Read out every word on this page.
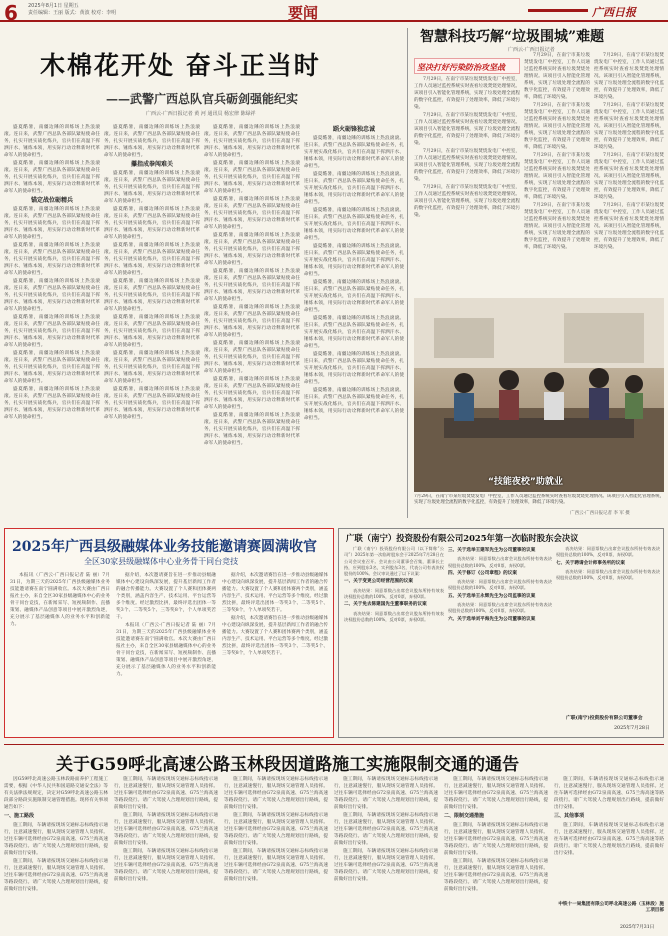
6 2025年8月1日 星期五
责任编辑：王丽 版式：黄波 校对：李明	要闻	广西日报
木棉花开处 奋斗正当时
——武警广西总队官兵砺剑强能纪实
广西云-广西日报记者 黄 河 通讯员 杨宏律 陈绿祥

盛夏酷暑，南疆边陲的训练场上热浪滚滚。连日来，武警广西总队各部队紧贴使命任务，扎实开展实战化练兵，官兵们在高温下挥洒汗水、锤炼本领，用实际行动诠释新时代革命军人的使命担当。

盛夏酷暑，南疆边陲的训练场上热浪滚滚。连日来，武警广西总队各部队紧贴使命任务，扎实开展实战化练兵，官兵们在高温下挥洒汗水、锤炼本领，用实际行动诠释新时代革命军人的使命担当。

锚定战位砺精兵

盛夏酷暑，南疆边陲的训练场上热浪滚滚。连日来，武警广西总队各部队紧贴使命任务，扎实开展实战化练兵，官兵们在高温下挥洒汗水、锤炼本领，用实际行动诠释新时代革命军人的使命担当。

盛夏酷暑，南疆边陲的训练场上热浪滚滚。连日来，武警广西总队各部队紧贴使命任务，扎实开展实战化练兵，官兵们在高温下挥洒汗水、锤炼本领，用实际行动诠释新时代革命军人的使命担当。

盛夏酷暑，南疆边陲的训练场上热浪滚滚。连日来，武警广西总队各部队紧贴使命任务，扎实开展实战化练兵，官兵们在高温下挥洒汗水、锤炼本领，用实际行动诠释新时代革命军人的使命担当。

盛夏酷暑，南疆边陲的训练场上热浪滚滚。连日来，武警广西总队各部队紧贴使命任务，扎实开展实战化练兵，官兵们在高温下挥洒汗水、锤炼本领，用实际行动诠释新时代革命军人的使命担当。

盛夏酷暑，南疆边陲的训练场上热浪滚滚。连日来，武警广西总队各部队紧贴使命任务，扎实开展实战化练兵，官兵们在高温下挥洒汗水、锤炼本领，用实际行动诠释新时代革命军人的使命担当。

盛夏酷暑，南疆边陲的训练场上热浪滚滚。连日来，武警广西总队各部队紧贴使命任务，扎实开展实战化练兵，官兵们在高温下挥洒汗水、锤炼本领，用实际行动诠释新时代革命军人的使命担当。

盛夏酷暑，南疆边陲的训练场上热浪滚滚。连日来，武警广西总队各部队紧贴使命任务，扎实开展实战化练兵，官兵们在高温下挥洒汗水、锤炼本领，用实际行动诠释新时代革命军人的使命担当。

攥指成拳闯难关

盛夏酷暑，南疆边陲的训练场上热浪滚滚。连日来，武警广西总队各部队紧贴使命任务，扎实开展实战化练兵，官兵们在高温下挥洒汗水、锤炼本领，用实际行动诠释新时代革命军人的使命担当。

盛夏酷暑，南疆边陲的训练场上热浪滚滚。连日来，武警广西总队各部队紧贴使命任务，扎实开展实战化练兵，官兵们在高温下挥洒汗水、锤炼本领，用实际行动诠释新时代革命军人的使命担当。

盛夏酷暑，南疆边陲的训练场上热浪滚滚。连日来，武警广西总队各部队紧贴使命任务，扎实开展实战化练兵，官兵们在高温下挥洒汗水、锤炼本领，用实际行动诠释新时代革命军人的使命担当。

盛夏酷暑，南疆边陲的训练场上热浪滚滚。连日来，武警广西总队各部队紧贴使命任务，扎实开展实战化练兵，官兵们在高温下挥洒汗水、锤炼本领，用实际行动诠释新时代革命军人的使命担当。

盛夏酷暑，南疆边陲的训练场上热浪滚滚。连日来，武警广西总队各部队紧贴使命任务，扎实开展实战化练兵，官兵们在高温下挥洒汗水、锤炼本领，用实际行动诠释新时代革命军人的使命担当。

盛夏酷暑，南疆边陲的训练场上热浪滚滚。连日来，武警广西总队各部队紧贴使命任务，扎实开展实战化练兵，官兵们在高温下挥洒汗水、锤炼本领，用实际行动诠释新时代革命军人的使命担当。

盛夏酷暑，南疆边陲的训练场上热浪滚滚。连日来，武警广西总队各部队紧贴使命任务，扎实开展实战化练兵，官兵们在高温下挥洒汗水、锤炼本领，用实际行动诠释新时代革命军人的使命担当。

盛夏酷暑，南疆边陲的训练场上热浪滚滚。连日来，武警广西总队各部队紧贴使命任务，扎实开展实战化练兵，官兵们在高温下挥洒汗水、锤炼本领，用实际行动诠释新时代革命军人的使命担当。

盛夏酷暑，南疆边陲的训练场上热浪滚滚。连日来，武警广西总队各部队紧贴使命任务，扎实开展实战化练兵，官兵们在高温下挥洒汗水、锤炼本领，用实际行动诠释新时代革命军人的使命担当。

盛夏酷暑，南疆边陲的训练场上热浪滚滚。连日来，武警广西总队各部队紧贴使命任务，扎实开展实战化练兵，官兵们在高温下挥洒汗水、锤炼本领，用实际行动诠释新时代革命军人的使命担当。

盛夏酷暑，南疆边陲的训练场上热浪滚滚。连日来，武警广西总队各部队紧贴使命任务，扎实开展实战化练兵，官兵们在高温下挥洒汗水、锤炼本领，用实际行动诠释新时代革命军人的使命担当。

盛夏酷暑，南疆边陲的训练场上热浪滚滚。连日来，武警广西总队各部队紧贴使命任务，扎实开展实战化练兵，官兵们在高温下挥洒汗水、锤炼本领，用实际行动诠释新时代革命军人的使命担当。

盛夏酷暑，南疆边陲的训练场上热浪滚滚。连日来，武警广西总队各部队紧贴使命任务，扎实开展实战化练兵，官兵们在高温下挥洒汗水、锤炼本领，用实际行动诠释新时代革命军人的使命担当。

盛夏酷暑，南疆边陲的训练场上热浪滚滚。连日来，武警广西总队各部队紧贴使命任务，扎实开展实战化练兵，官兵们在高温下挥洒汗水、锤炼本领，用实际行动诠释新时代革命军人的使命担当。

盛夏酷暑，南疆边陲的训练场上热浪滚滚。连日来，武警广西总队各部队紧贴使命任务，扎实开展实战化练兵，官兵们在高温下挥洒汗水、锤炼本领，用实际行动诠释新时代革命军人的使命担当。

盛夏酷暑，南疆边陲的训练场上热浪滚滚。连日来，武警广西总队各部队紧贴使命任务，扎实开展实战化练兵，官兵们在高温下挥洒汗水、锤炼本领，用实际行动诠释新时代革命军人的使命担当。

蹈火砺锋独忠诚

盛夏酷暑，南疆边陲的训练场上热浪滚滚。连日来，武警广西总队各部队紧贴使命任务，扎实开展实战化练兵，官兵们在高温下挥洒汗水、锤炼本领，用实际行动诠释新时代革命军人的使命担当。

盛夏酷暑，南疆边陲的训练场上热浪滚滚。连日来，武警广西总队各部队紧贴使命任务，扎实开展实战化练兵，官兵们在高温下挥洒汗水、锤炼本领，用实际行动诠释新时代革命军人的使命担当。

盛夏酷暑，南疆边陲的训练场上热浪滚滚。连日来，武警广西总队各部队紧贴使命任务，扎实开展实战化练兵，官兵们在高温下挥洒汗水、锤炼本领，用实际行动诠释新时代革命军人的使命担当。

盛夏酷暑，南疆边陲的训练场上热浪滚滚。连日来，武警广西总队各部队紧贴使命任务，扎实开展实战化练兵，官兵们在高温下挥洒汗水、锤炼本领，用实际行动诠释新时代革命军人的使命担当。

盛夏酷暑，南疆边陲的训练场上热浪滚滚。连日来，武警广西总队各部队紧贴使命任务，扎实开展实战化练兵，官兵们在高温下挥洒汗水、锤炼本领，用实际行动诠释新时代革命军人的使命担当。

盛夏酷暑，南疆边陲的训练场上热浪滚滚。连日来，武警广西总队各部队紧贴使命任务，扎实开展实战化练兵，官兵们在高温下挥洒汗水、锤炼本领，用实际行动诠释新时代革命军人的使命担当。

盛夏酷暑，南疆边陲的训练场上热浪滚滚。连日来，武警广西总队各部队紧贴使命任务，扎实开展实战化练兵，官兵们在高温下挥洒汗水、锤炼本领，用实际行动诠释新时代革命军人的使命担当。

盛夏酷暑，南疆边陲的训练场上热浪滚滚。连日来，武警广西总队各部队紧贴使命任务，扎实开展实战化练兵，官兵们在高温下挥洒汗水、锤炼本领，用实际行动诠释新时代革命军人的使命担当。

智慧科技巧解“垃圾围城”难题
广西云-广西日报记者
坚决打好污染防治攻坚战

7月29日，在南宁市某垃圾焚烧发电厂中控室，工作人员通过监控系统实时查看垃圾焚烧处理情况。该项目引入智能化管理系统，实现了垃圾处理全流程的数字化监控，有效提升了处理效率，降低了环境污染。

7月29日，在南宁市某垃圾焚烧发电厂中控室，工作人员通过监控系统实时查看垃圾焚烧处理情况。该项目引入智能化管理系统，实现了垃圾处理全流程的数字化监控，有效提升了处理效率，降低了环境污染。

7月29日，在南宁市某垃圾焚烧发电厂中控室，工作人员通过监控系统实时查看垃圾焚烧处理情况。该项目引入智能化管理系统，实现了垃圾处理全流程的数字化监控，有效提升了处理效率，降低了环境污染。

7月29日，在南宁市某垃圾焚烧发电厂中控室，工作人员通过监控系统实时查看垃圾焚烧处理情况。该项目引入智能化管理系统，实现了垃圾处理全流程的数字化监控，有效提升了处理效率，降低了环境污染。

7月29日，在南宁市某垃圾焚烧发电厂中控室，工作人员通过监控系统实时查看垃圾焚烧处理情况。该项目引入智能化管理系统，实现了垃圾处理全流程的数字化监控，有效提升了处理效率，降低了环境污染。

7月29日，在南宁市某垃圾焚烧发电厂中控室，工作人员通过监控系统实时查看垃圾焚烧处理情况。该项目引入智能化管理系统，实现了垃圾处理全流程的数字化监控，有效提升了处理效率，降低了环境污染。

7月29日，在南宁市某垃圾焚烧发电厂中控室，工作人员通过监控系统实时查看垃圾焚烧处理情况。该项目引入智能化管理系统，实现了垃圾处理全流程的数字化监控，有效提升了处理效率，降低了环境污染。

7月29日，在南宁市某垃圾焚烧发电厂中控室，工作人员通过监控系统实时查看垃圾焚烧处理情况。该项目引入智能化管理系统，实现了垃圾处理全流程的数字化监控，有效提升了处理效率，降低了环境污染。

7月29日，在南宁市某垃圾焚烧发电厂中控室，工作人员通过监控系统实时查看垃圾焚烧处理情况。该项目引入智能化管理系统，实现了垃圾处理全流程的数字化监控，有效提升了处理效率，降低了环境污染。

7月29日，在南宁市某垃圾焚烧发电厂中控室，工作人员通过监控系统实时查看垃圾焚烧处理情况。该项目引入智能化管理系统，实现了垃圾处理全流程的数字化监控，有效提升了处理效率，降低了环境污染。

7月29日，在南宁市某垃圾焚烧发电厂中控室，工作人员通过监控系统实时查看垃圾焚烧处理情况。该项目引入智能化管理系统，实现了垃圾处理全流程的数字化监控，有效提升了处理效率，降低了环境污染。

7月29日，在南宁市某垃圾焚烧发电厂中控室，工作人员通过监控系统实时查看垃圾焚烧处理情况。该项目引入智能化管理系统，实现了垃圾处理全流程的数字化监控，有效提升了处理效率，降低了环境污染。

“技能夜校”助就业
7月29日，在南宁市某垃圾焚烧发电厂中控室，工作人员通过监控系统实时查看垃圾焚烧处理情况。该项目引入智能化管理系统，实现了垃圾处理全流程的数字化监控，有效提升了处理效率，降低了环境污染。
广西云-广西日报记者 李 军 摄
2025年广西县级融媒体业务技能邀请赛圆满收官
全区30家县级融媒体中心业务骨干同台竞技

本报讯（广西云-广西日报记者 陆 丽）7月31日，为期三天的2025年广西县级融媒体业务技能邀请赛在南宁圆满收官。本次大赛由广西日报社主办，来自全区30家县级融媒体中心的业务骨干同台竞技，在新闻采写、短视频制作、直播策划、融媒体产品创意等项目中展开激烈角逐，充分展示了基层融媒体人的业务水平和创新能力。

据介绍，本次邀请赛旨在进一步推动县级融媒体中心建设向纵深发展，提升基层新闻工作者的融合传播能力。大赛设置了个人赛和团体赛两个类别，涵盖内容生产、技术运用、平台运营等多个维度。经过激烈比拼，最终评选出团体一等奖3个、二等奖5个、三等奖8个，个人单项奖若干。

本报讯（广西云-广西日报记者 陆 丽）7月31日，为期三天的2025年广西县级融媒体业务技能邀请赛在南宁圆满收官。本次大赛由广西日报社主办，来自全区30家县级融媒体中心的业务骨干同台竞技，在新闻采写、短视频制作、直播策划、融媒体产品创意等项目中展开激烈角逐，充分展示了基层融媒体人的业务水平和创新能力。

据介绍，本次邀请赛旨在进一步推动县级融媒体中心建设向纵深发展，提升基层新闻工作者的融合传播能力。大赛设置了个人赛和团体赛两个类别，涵盖内容生产、技术运用、平台运营等多个维度。经过激烈比拼，最终评选出团体一等奖3个、二等奖5个、三等奖8个，个人单项奖若干。

据介绍，本次邀请赛旨在进一步推动县级融媒体中心建设向纵深发展，提升基层新闻工作者的融合传播能力。大赛设置了个人赛和团体赛两个类别，涵盖内容生产、技术运用、平台运营等多个维度。经过激烈比拼，最终评选出团体一等奖3个、二等奖5个、三等奖8个，个人单项奖若干。

广联（南宁）投资股份有限公司2025年第一次临时股东会决议

广联（南宁）投资股份有限公司（以下简称“公司”）2025年第一次临时股东会于2025年7月28日在公司会议室召开。会议由公司董事会召集，董事长主持，应到股东3名，实到股东3名，代表公司有表决权股份的100%。会议审议通过了以下议案：

一、关于变更公司经营范围的议案

表决结果：同意票数占出席会议股东所持有效表决权股份总数的100%，反对0票，弃权0票。

二、关于免去陈建国先生董事职务的议案

表决结果：同意票数占出席会议股东所持有效表决权股份总数的100%，反对0票，弃权0票。

三、关于选举王建军先生为公司董事的议案

表决结果：同意票数占出席会议股东所持有效表决权股份总数的100%，反对0票，弃权0票。

四、关于修订《公司章程》的议案

表决结果：同意票数占出席会议股东所持有效表决权股份总数的100%，反对0票，弃权0票。

五、关于选举王永辉先生为公司监事的议案

表决结果：同意票数占出席会议股东所持有效表决权股份总数的100%，反对0票，弃权0票。

六、关于选举刘平海先生为公司董事的议案

表决结果：同意票数占出席会议股东所持有效表决权股份总数的100%，反对0票，弃权0票。

七、关于聘请会计师事务所的议案

表决结果：同意票数占出席会议股东所持有效表决权股份总数的100%，反对0票，弃权0票。

广联(南宁)投资股份有限公司董事会
2025年7月28日
关于G59呼北高速公路玉林段因道路施工实施限制交通的通告

因G59呼北高速公路玉林段路面养护工程施工需要，根据《中华人民共和国道路交通安全法》等有关法律法规规定，决定对G59呼北高速公路玉林段部分路段实施限制交通管理措施。现将有关事项通告如下：

一、施工路段

施工期间，车辆请按现场交通标志标线指示通行，注意减速慢行，服从现场交通管理人员指挥。过往车辆可选择经由G72泉南高速、G75兰海高速等路段绕行。请广大驾驶人合理规划出行路线，提前做好出行安排。

施工期间，车辆请按现场交通标志标线指示通行，注意减速慢行，服从现场交通管理人员指挥。过往车辆可选择经由G72泉南高速、G75兰海高速等路段绕行。请广大驾驶人合理规划出行路线，提前做好出行安排。

施工期间，车辆请按现场交通标志标线指示通行，注意减速慢行，服从现场交通管理人员指挥。过往车辆可选择经由G72泉南高速、G75兰海高速等路段绕行。请广大驾驶人合理规划出行路线，提前做好出行安排。

施工期间，车辆请按现场交通标志标线指示通行，注意减速慢行，服从现场交通管理人员指挥。过往车辆可选择经由G72泉南高速、G75兰海高速等路段绕行。请广大驾驶人合理规划出行路线，提前做好出行安排。

施工期间，车辆请按现场交通标志标线指示通行，注意减速慢行，服从现场交通管理人员指挥。过往车辆可选择经由G72泉南高速、G75兰海高速等路段绕行。请广大驾驶人合理规划出行路线，提前做好出行安排。

施工期间，车辆请按现场交通标志标线指示通行，注意减速慢行，服从现场交通管理人员指挥。过往车辆可选择经由G72泉南高速、G75兰海高速等路段绕行。请广大驾驶人合理规划出行路线，提前做好出行安排。

施工期间，车辆请按现场交通标志标线指示通行，注意减速慢行，服从现场交通管理人员指挥。过往车辆可选择经由G72泉南高速、G75兰海高速等路段绕行。请广大驾驶人合理规划出行路线，提前做好出行安排。

施工期间，车辆请按现场交通标志标线指示通行，注意减速慢行，服从现场交通管理人员指挥。过往车辆可选择经由G72泉南高速、G75兰海高速等路段绕行。请广大驾驶人合理规划出行路线，提前做好出行安排。

施工期间，车辆请按现场交通标志标线指示通行，注意减速慢行，服从现场交通管理人员指挥。过往车辆可选择经由G72泉南高速、G75兰海高速等路段绕行。请广大驾驶人合理规划出行路线，提前做好出行安排。

施工期间，车辆请按现场交通标志标线指示通行，注意减速慢行，服从现场交通管理人员指挥。过往车辆可选择经由G72泉南高速、G75兰海高速等路段绕行。请广大驾驶人合理规划出行路线，提前做好出行安排。

施工期间，车辆请按现场交通标志标线指示通行，注意减速慢行，服从现场交通管理人员指挥。过往车辆可选择经由G72泉南高速、G75兰海高速等路段绕行。请广大驾驶人合理规划出行路线，提前做好出行安排。

施工期间，车辆请按现场交通标志标线指示通行，注意减速慢行，服从现场交通管理人员指挥。过往车辆可选择经由G72泉南高速、G75兰海高速等路段绕行。请广大驾驶人合理规划出行路线，提前做好出行安排。

二、限制交通措施

施工期间，车辆请按现场交通标志标线指示通行，注意减速慢行，服从现场交通管理人员指挥。过往车辆可选择经由G72泉南高速、G75兰海高速等路段绕行。请广大驾驶人合理规划出行路线，提前做好出行安排。

施工期间，车辆请按现场交通标志标线指示通行，注意减速慢行，服从现场交通管理人员指挥。过往车辆可选择经由G72泉南高速、G75兰海高速等路段绕行。请广大驾驶人合理规划出行路线，提前做好出行安排。

施工期间，车辆请按现场交通标志标线指示通行，注意减速慢行，服从现场交通管理人员指挥。过往车辆可选择经由G72泉南高速、G75兰海高速等路段绕行。请广大驾驶人合理规划出行路线，提前做好出行安排。

三、其他事项

施工期间，车辆请按现场交通标志标线指示通行，注意减速慢行，服从现场交通管理人员指挥。过往车辆可选择经由G72泉南高速、G75兰海高速等路段绕行。请广大驾驶人合理规划出行路线，提前做好出行安排。

中铁十一局集团有限公司呼北高速公路（玉林段）施工项目部
2025年7月31日
